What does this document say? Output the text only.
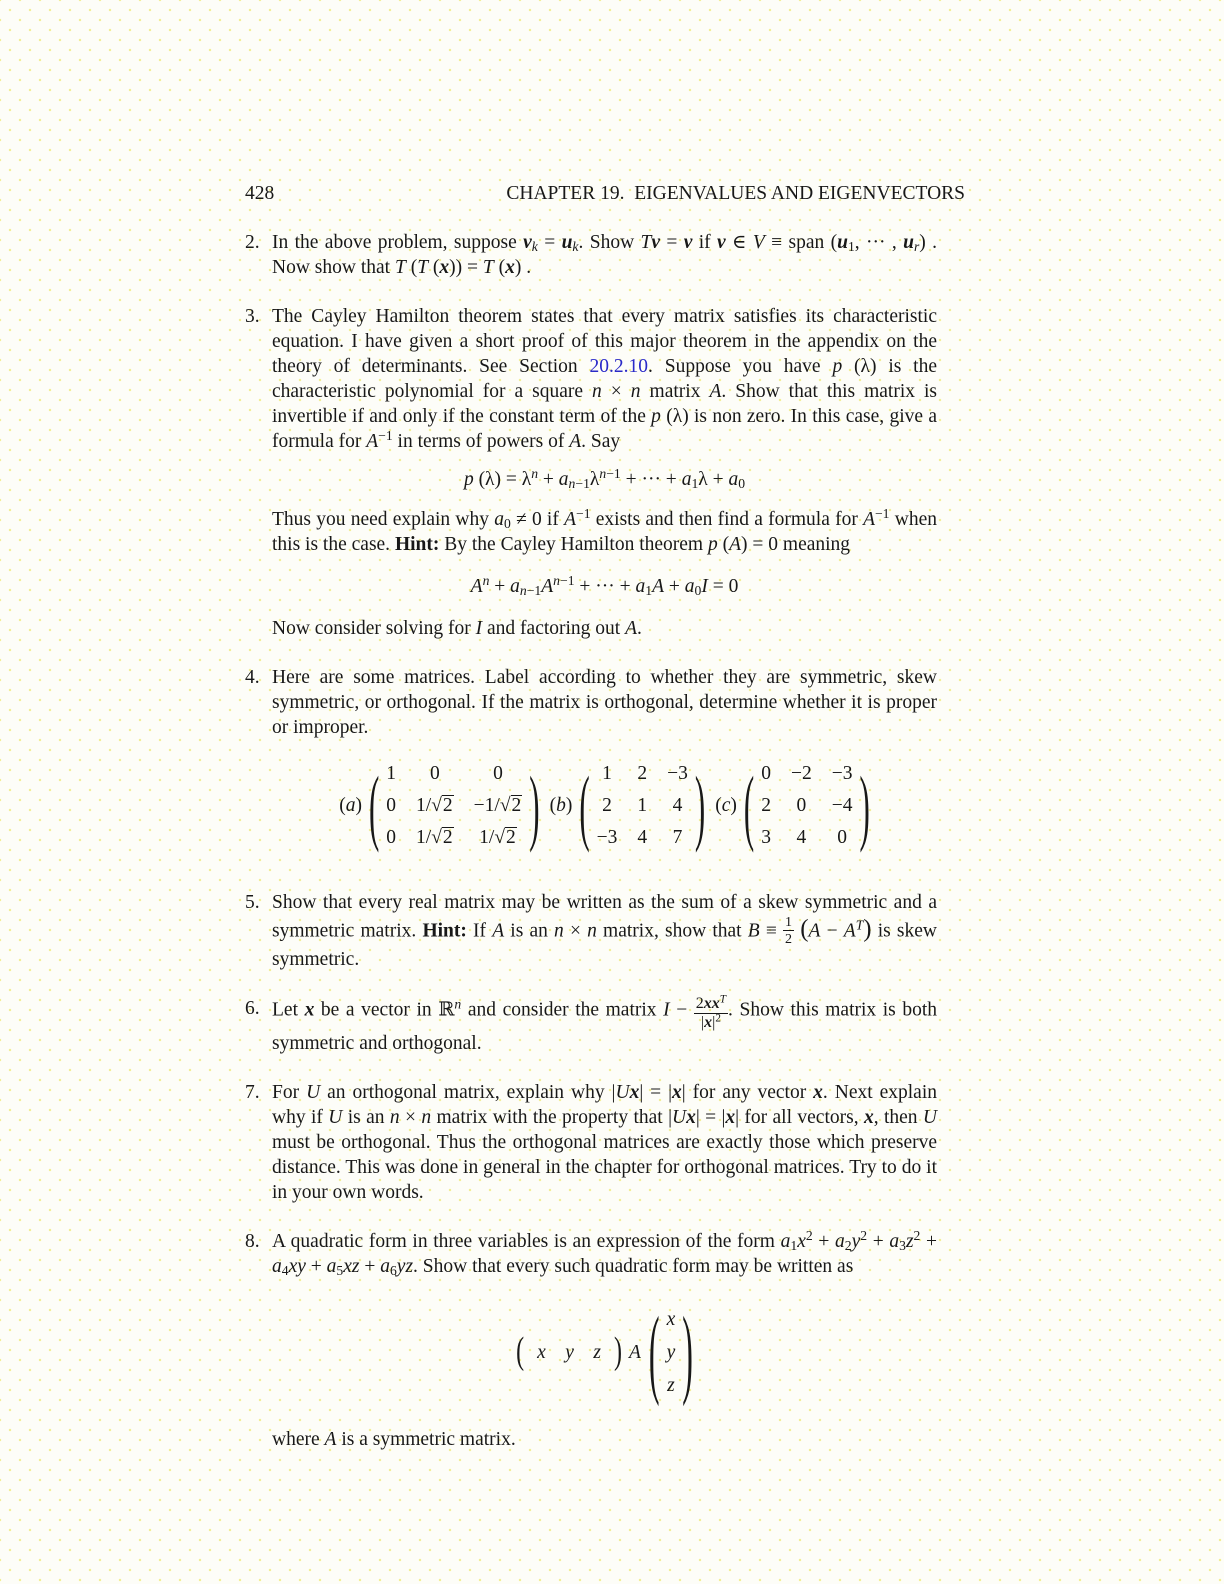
428	CHAPTER 19.  EIGENVALUES AND EIGENVECTORS
2. In the above problem, suppose $v_k = u_k$. Show Tv = v if v ∈ V ≡ span ($u_1$, ··· , $u_r$) . Now show that T (T (x)) = T (x) .

3. The Cayley Hamilton theorem states that every matrix satisfies its characteristic equation. I have given a short proof of this major theorem in the appendix on the theory of determinants. See Section 20.2.10. Suppose you have p (λ) is the characteristic polynomial for a square n × n matrix A. Show that this matrix is invertible if and only if the constant term of the p (λ) is non zero. In this case, give a formula for $A^{-1}$ in terms of powers of A. Say

p $(\lambda) = \lambda^n + a_{n-1}\lambda^{n-1}$ + ··· + $a_1\lambda + a_0$

Thus you need explain why $a_0 \ne 0$ if $A^{-1}$ exists and then find a formula for $A^{-1}$ when this is the case. Hint: By the Cayley Hamilton theorem p (A) = 0 meaning

$A^n + a_{n-1}A^{n-1}$ + ··· + $a_1A + a_0I = 0$

Now consider solving for I and factoring out A.

4. Here are some matrices. Label according to whether they are symmetric, skew symmetric, or orthogonal. If the matrix is orthogonal, determine whether it is proper or improper.

(a) ( 1 0	0
0 1/√2 −1/√2
0 1/√2 1/√2 ) (b) ( 1 2 −3
2 1 4
−3 4 7 ) (c) ( 0 −2 −3
2 0 −4
3 4 0 )
5. Show that every real matrix may be written as the sum of a skew symmetric and a symmetric matrix. Hint: If A is an n × n matrix, show that $B \equiv \frac{1}{2} (A - A^T)$ is skew symmetric.

6. Let x be a vector in ℝ$^n$ and consider the matrix $I - \frac{2xx^T}{|x|^2}$ . Show this matrix is both symmetric and orthogonal.

7. For U an orthogonal matrix, explain why |Ux| = |x| for any vector x. Next explain why if U is an n × n matrix with the property that |Ux| = |x| for all vectors, x, then U must be orthogonal. Thus the orthogonal matrices are exactly those which preserve distance. This was done in general in the chapter for orthogonal matrices. Try to do it in your own words.

8. A quadratic form in three variables is an expression of the form $a_1x^2 + a_2y^2 + a_3z^2 + a_4xy + a_5xz + a_6yz$. Show that every such quadratic form may be written as

( x  y  z ) A ( x
y
z )

where A is a symmetric matrix.
